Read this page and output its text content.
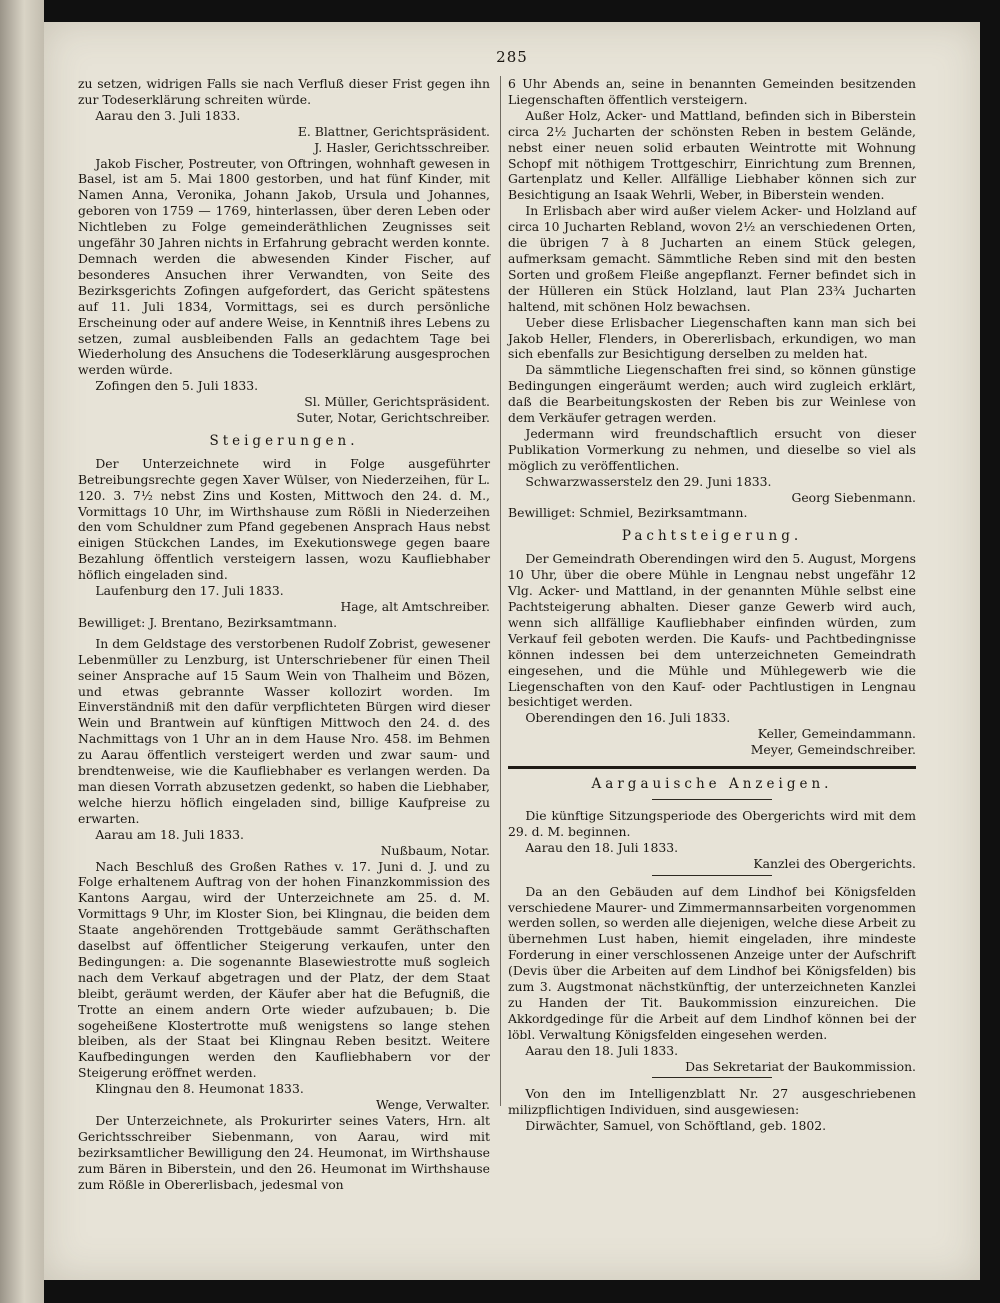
285

zu setzen, widrigen Falls sie nach Verfluß dieser Frist gegen ihn zur Todeserklärung schreiten würde.

Aarau den 3. Juli 1833.

E. Blattner, Gerichtspräsident.

J. Hasler, Gerichtsschreiber.

Jakob Fischer, Postreuter, von Oftringen, wohnhaft gewesen in Basel, ist am 5. Mai 1800 gestorben, und hat fünf Kinder, mit Namen Anna, Veronika, Johann Jakob, Ursula und Johannes, geboren von 1759 — 1769, hinterlassen, über deren Leben oder Nichtleben zu Folge gemeinderäthlichen Zeugnisses seit ungefähr 30 Jahren nichts in Erfahrung gebracht werden konnte. Demnach werden die abwesenden Kinder Fischer, auf besonderes Ansuchen ihrer Verwandten, von Seite des Bezirksgerichts Zofingen aufgefordert, das Gericht spätestens auf 11. Juli 1834, Vormittags, sei es durch persönliche Erscheinung oder auf andere Weise, in Kenntniß ihres Lebens zu setzen, zumal ausbleibenden Falls an gedachtem Tage bei Wiederholung des Ansuchens die Todeserklärung ausgesprochen werden würde.

Zofingen den 5. Juli 1833.

Sl. Müller, Gerichtspräsident.

Suter, Notar, Gerichtschreiber.

Steigerungen.

Der Unterzeichnete wird in Folge ausgeführter Betreibungsrechte gegen Xaver Wülser, von Niederzeihen, für L. 120. 3. 7½ nebst Zins und Kosten, Mittwoch den 24. d. M., Vormittags 10 Uhr, im Wirthshause zum Rößli in Niederzeihen den vom Schuldner zum Pfand gegebenen Ansprach Haus nebst einigen Stückchen Landes, im Exekutionswege gegen baare Bezahlung öffentlich versteigern lassen, wozu Kaufliebhaber höflich eingeladen sind.

Laufenburg den 17. Juli 1833.

Hage, alt Amtschreiber.

Bewilliget: J. Brentano, Bezirksamtmann.

In dem Geldstage des verstorbenen Rudolf Zobrist, gewesener Lebenmüller zu Lenzburg, ist Unterschriebener für einen Theil seiner Ansprache auf 15 Saum Wein von Thalheim und Bözen, und etwas gebrannte Wasser kollozirt worden. Im Einverständniß mit den dafür verpflichteten Bürgen wird dieser Wein und Brantwein auf künftigen Mittwoch den 24. d. des Nachmittags von 1 Uhr an in dem Hause Nro. 458. im Behmen zu Aarau öffentlich versteigert werden und zwar saum- und brendtenweise, wie die Kaufliebhaber es verlangen werden. Da man diesen Vorrath abzusetzen gedenkt, so haben die Liebhaber, welche hierzu höflich eingeladen sind, billige Kaufpreise zu erwarten.

Aarau am 18. Juli 1833.

Nußbaum, Notar.

Nach Beschluß des Großen Rathes v. 17. Juni d. J. und zu Folge erhaltenem Auftrag von der hohen Finanzkommission des Kantons Aargau, wird der Unterzeichnete am 25. d. M. Vormittags 9 Uhr, im Kloster Sion, bei Klingnau, die beiden dem Staate angehörenden Trottgebäude sammt Geräthschaften daselbst auf öffentlicher Steigerung verkaufen, unter den Bedingungen: a. Die sogenannte Blasewiestrotte muß sogleich nach dem Verkauf abgetragen und der Platz, der dem Staat bleibt, geräumt werden, der Käufer aber hat die Befugniß, die Trotte an einem andern Orte wieder aufzubauen; b. Die sogeheißene Klostertrotte muß wenigstens so lange stehen bleiben, als der Staat bei Klingnau Reben besitzt. Weitere Kaufbedingungen werden den Kaufliebhabern vor der Steigerung eröffnet werden.

Klingnau den 8. Heumonat 1833.

Wenge, Verwalter.

Der Unterzeichnete, als Prokurirter seines Vaters, Hrn. alt Gerichtsschreiber Siebenmann, von Aarau, wird mit bezirksamtlicher Bewilligung den 24. Heumonat, im Wirthshause zum Bären in Biberstein, und den 26. Heumonat im Wirthshause zum Rößle in Obererlisbach, jedesmal von

6 Uhr Abends an, seine in benannten Gemeinden besitzenden Liegenschaften öffentlich versteigern.

Außer Holz, Acker- und Mattland, befinden sich in Biberstein circa 2½ Jucharten der schönsten Reben in bestem Gelände, nebst einer neuen solid erbauten Weintrotte mit Wohnung Schopf mit nöthigem Trottgeschirr, Einrichtung zum Brennen, Gartenplatz und Keller. Allfällige Liebhaber können sich zur Besichtigung an Isaak Wehrli, Weber, in Biberstein wenden.

In Erlisbach aber wird außer vielem Acker- und Holzland auf circa 10 Jucharten Rebland, wovon 2½ an verschiedenen Orten, die übrigen 7 à 8 Jucharten an einem Stück gelegen, aufmerksam gemacht. Sämmtliche Reben sind mit den besten Sorten und großem Fleiße angepflanzt. Ferner befindet sich in der Hülleren ein Stück Holzland, laut Plan 23¾ Jucharten haltend, mit schönen Holz bewachsen.

Ueber diese Erlisbacher Liegenschaften kann man sich bei Jakob Heller, Flenders, in Obererlisbach, erkundigen, wo man sich ebenfalls zur Besichtigung derselben zu melden hat.

Da sämmtliche Liegenschaften frei sind, so können günstige Bedingungen eingeräumt werden; auch wird zugleich erklärt, daß die Bearbeitungskosten der Reben bis zur Weinlese von dem Verkäufer getragen werden.

Jedermann wird freundschaftlich ersucht von dieser Publikation Vormerkung zu nehmen, und dieselbe so viel als möglich zu veröffentlichen.

Schwarzwasserstelz den 29. Juni 1833.

Georg Siebenmann.

Bewilliget: Schmiel, Bezirksamtmann.

Pachtsteigerung.

Der Gemeindrath Oberendingen wird den 5. August, Morgens 10 Uhr, über die obere Mühle in Lengnau nebst ungefähr 12 Vlg. Acker- und Mattland, in der genannten Mühle selbst eine Pachtsteigerung abhalten. Dieser ganze Gewerb wird auch, wenn sich allfällige Kaufliebhaber einfinden würden, zum Verkauf feil geboten werden. Die Kaufs- und Pachtbedingnisse können indessen bei dem unterzeichneten Gemeindrath eingesehen, und die Mühle und Mühlegewerb wie die Liegenschaften von den Kauf- oder Pachtlustigen in Lengnau besichtiget werden.

Oberendingen den 16. Juli 1833.

Keller, Gemeindammann.

Meyer, Gemeindschreiber.

Aargauische Anzeigen.

Die künftige Sitzungsperiode des Obergerichts wird mit dem 29. d. M. beginnen.

Aarau den 18. Juli 1833.

Kanzlei des Obergerichts.

Da an den Gebäuden auf dem Lindhof bei Königsfelden verschiedene Maurer- und Zimmermannsarbeiten vorgenommen werden sollen, so werden alle diejenigen, welche diese Arbeit zu übernehmen Lust haben, hiemit eingeladen, ihre mindeste Forderung in einer verschlossenen Anzeige unter der Aufschrift (Devis über die Arbeiten auf dem Lindhof bei Königsfelden) bis zum 3. Augstmonat nächstkünftig, der unterzeichneten Kanzlei zu Handen der Tit. Baukommission einzureichen. Die Akkordgedinge für die Arbeit auf dem Lindhof können bei der löbl. Verwaltung Königsfelden eingesehen werden.

Aarau den 18. Juli 1833.

Das Sekretariat der Baukommission.

Von den im Intelligenzblatt Nr. 27 ausgeschriebenen milizpflichtigen Individuen, sind ausgewiesen:

Dirwächter, Samuel, von Schöftland, geb. 1802.
